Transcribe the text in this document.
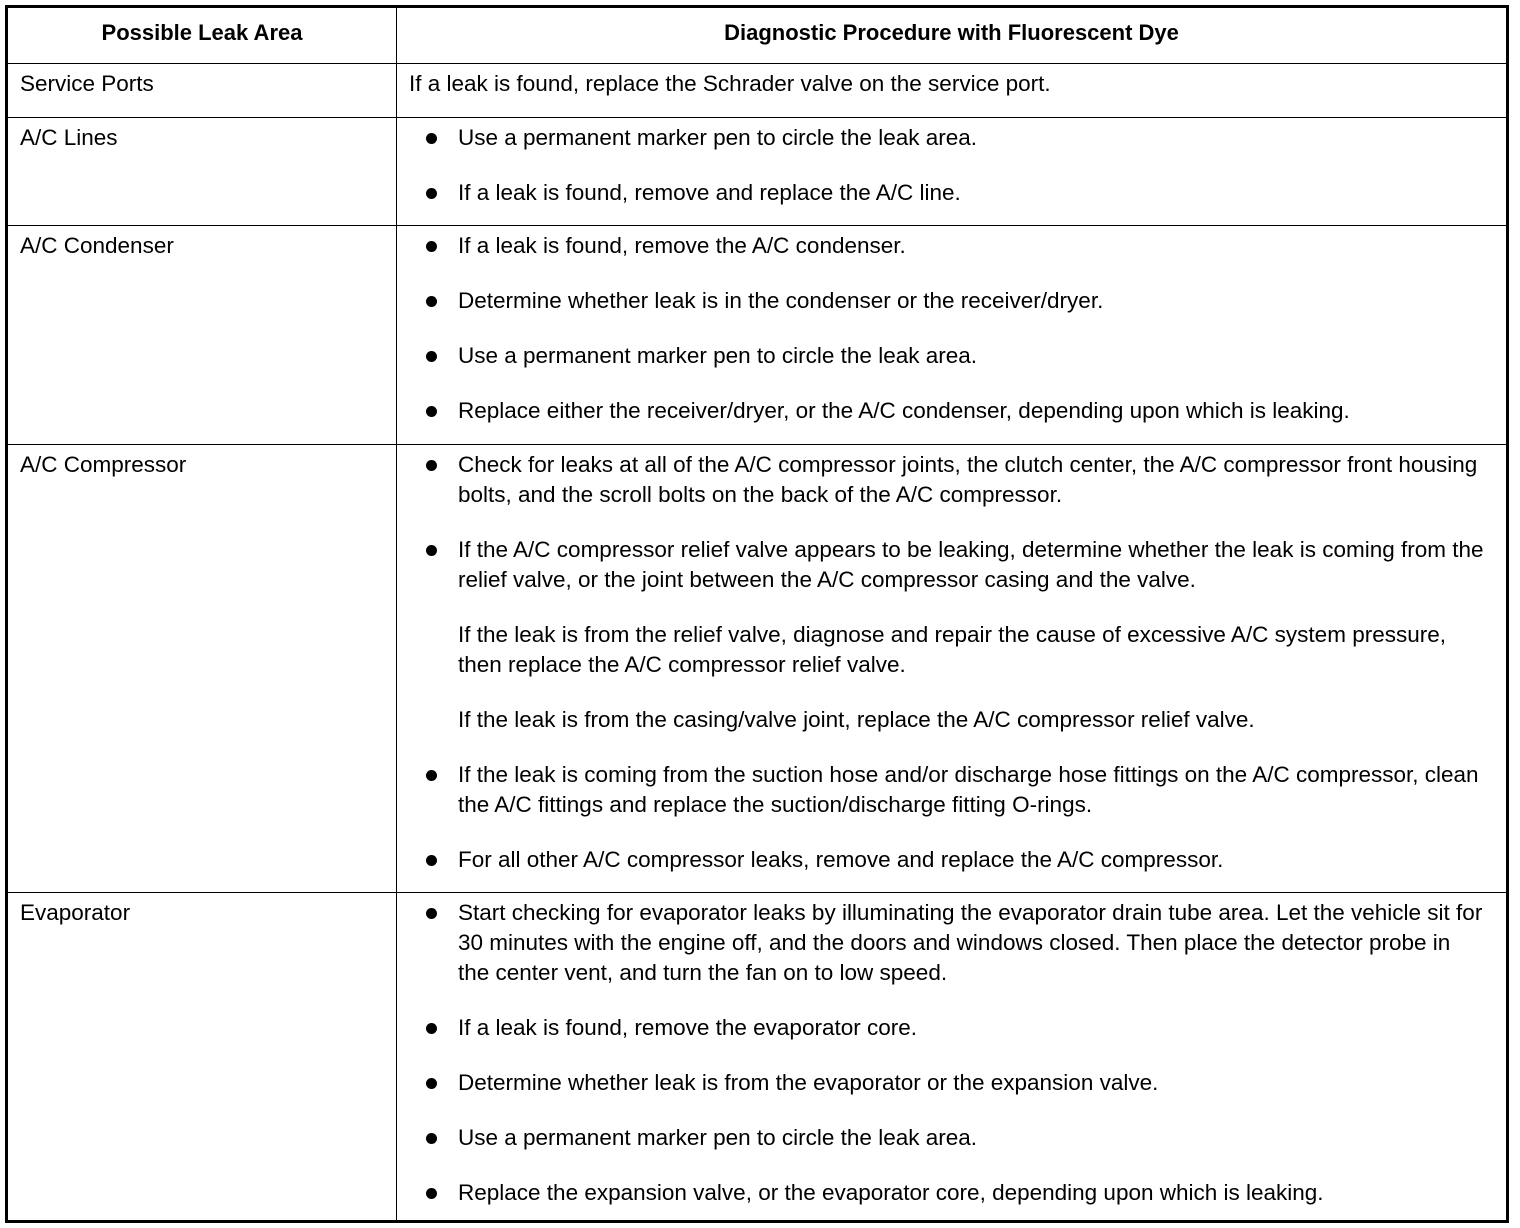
Possible Leak Area	Diagnostic Procedure with Fluorescent Dye
Service Ports	If a leak is found, replace the Schrader valve on the service port.
A/C Lines	Use a permanent marker pen to circle the leak area.
If a leak is found, remove and replace the A/C line.

A/C Condenser	If a leak is found, remove the A/C condenser.
Determine whether leak is in the condenser or the receiver/dryer.
Use a permanent marker pen to circle the leak area.
Replace either the receiver/dryer, or the A/C condenser, depending upon which is leaking.

A/C Compressor	Check for leaks at all of the A/C compressor joints, the clutch center, the A/C compressor front housing bolts, and the scroll bolts on the back of the A/C compressor.
If the A/C compressor relief valve appears to be leaking, determine whether the leak is coming from the relief valve, or the joint between the A/C compressor casing and the valve.
If the leak is from the relief valve, diagnose and repair the cause of excessive A/C system pressure, then replace the A/C compressor relief valve.
If the leak is from the casing/valve joint, replace the A/C compressor relief valve.
If the leak is coming from the suction hose and/or discharge hose fittings on the A/C compressor, clean the A/C fittings and replace the suction/discharge fitting O-rings.
For all other A/C compressor leaks, remove and replace the A/C compressor.

Evaporator	Start checking for evaporator leaks by illuminating the evaporator drain tube area. Let the vehicle sit for 30 minutes with the engine off, and the doors and windows closed. Then place the detector probe in the center vent, and turn the fan on to low speed.
If a leak is found, remove the evaporator core.
Determine whether leak is from the evaporator or the expansion valve.
Use a permanent marker pen to circle the leak area.
Replace the expansion valve, or the evaporator core, depending upon which is leaking.
